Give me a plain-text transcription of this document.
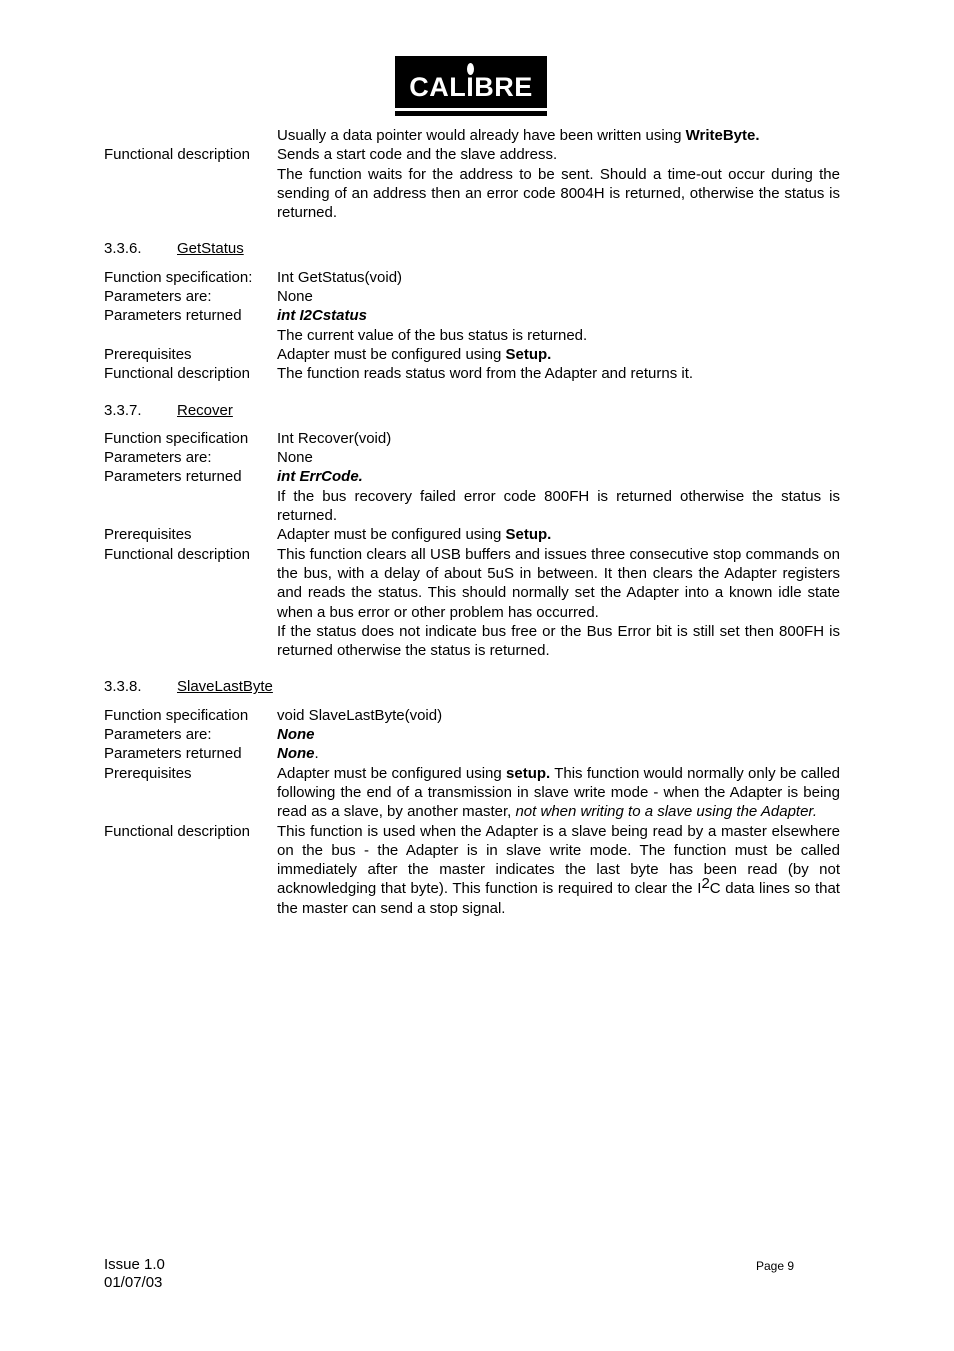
CALIBRE
Usually a data pointer would already have been written using WriteByte.
Functional description	Sends a start code and the slave address.
The function waits for the address to be sent. Should a time-out occur during the sending of an address then an error code 8004H is returned, otherwise the status is returned.
3.3.6.	GetStatus
Function specification:	Int GetStatus(void)
Parameters are:	None
Parameters returned	int I2Cstatus
The current value of the bus status is returned.
Prerequisites	Adapter must be configured using Setup.
Functional description	The function reads status word from the Adapter and returns it.
3.3.7.	Recover
Function specification	Int Recover(void)
Parameters are:	None
Parameters returned	int ErrCode.
If the bus recovery failed error code 800FH is returned otherwise the status is returned.
Prerequisites	Adapter must be configured using Setup.
Functional description	This function clears all USB buffers and issues three consecutive stop commands on the bus, with a delay of about 5uS in between. It then clears the Adapter registers and reads the status. This should normally set the Adapter into a known idle state when a bus error or other problem has occurred.
If the status does not indicate bus free or the Bus Error bit is still set then 800FH is returned otherwise the status is returned.
3.3.8.	SlaveLastByte
Function specification	void SlaveLastByte(void)
Parameters are:	None
Parameters returned	None.
Prerequisites	Adapter must be configured using setup. This function would normally only be called following the end of a transmission in slave write mode - when the Adapter is being read as a slave, by another master, not when writing to a slave using the Adapter.
Functional description	This function is used when the Adapter is a slave being read by a master elsewhere on the bus - the Adapter is in slave write mode. The function must be called immediately after the master indicates the last byte has been read (by not acknowledging that byte). This function is required to clear the $I^2C$ data lines so that the master can send a stop signal.
Issue 1.0
01/07/03
Page 9
